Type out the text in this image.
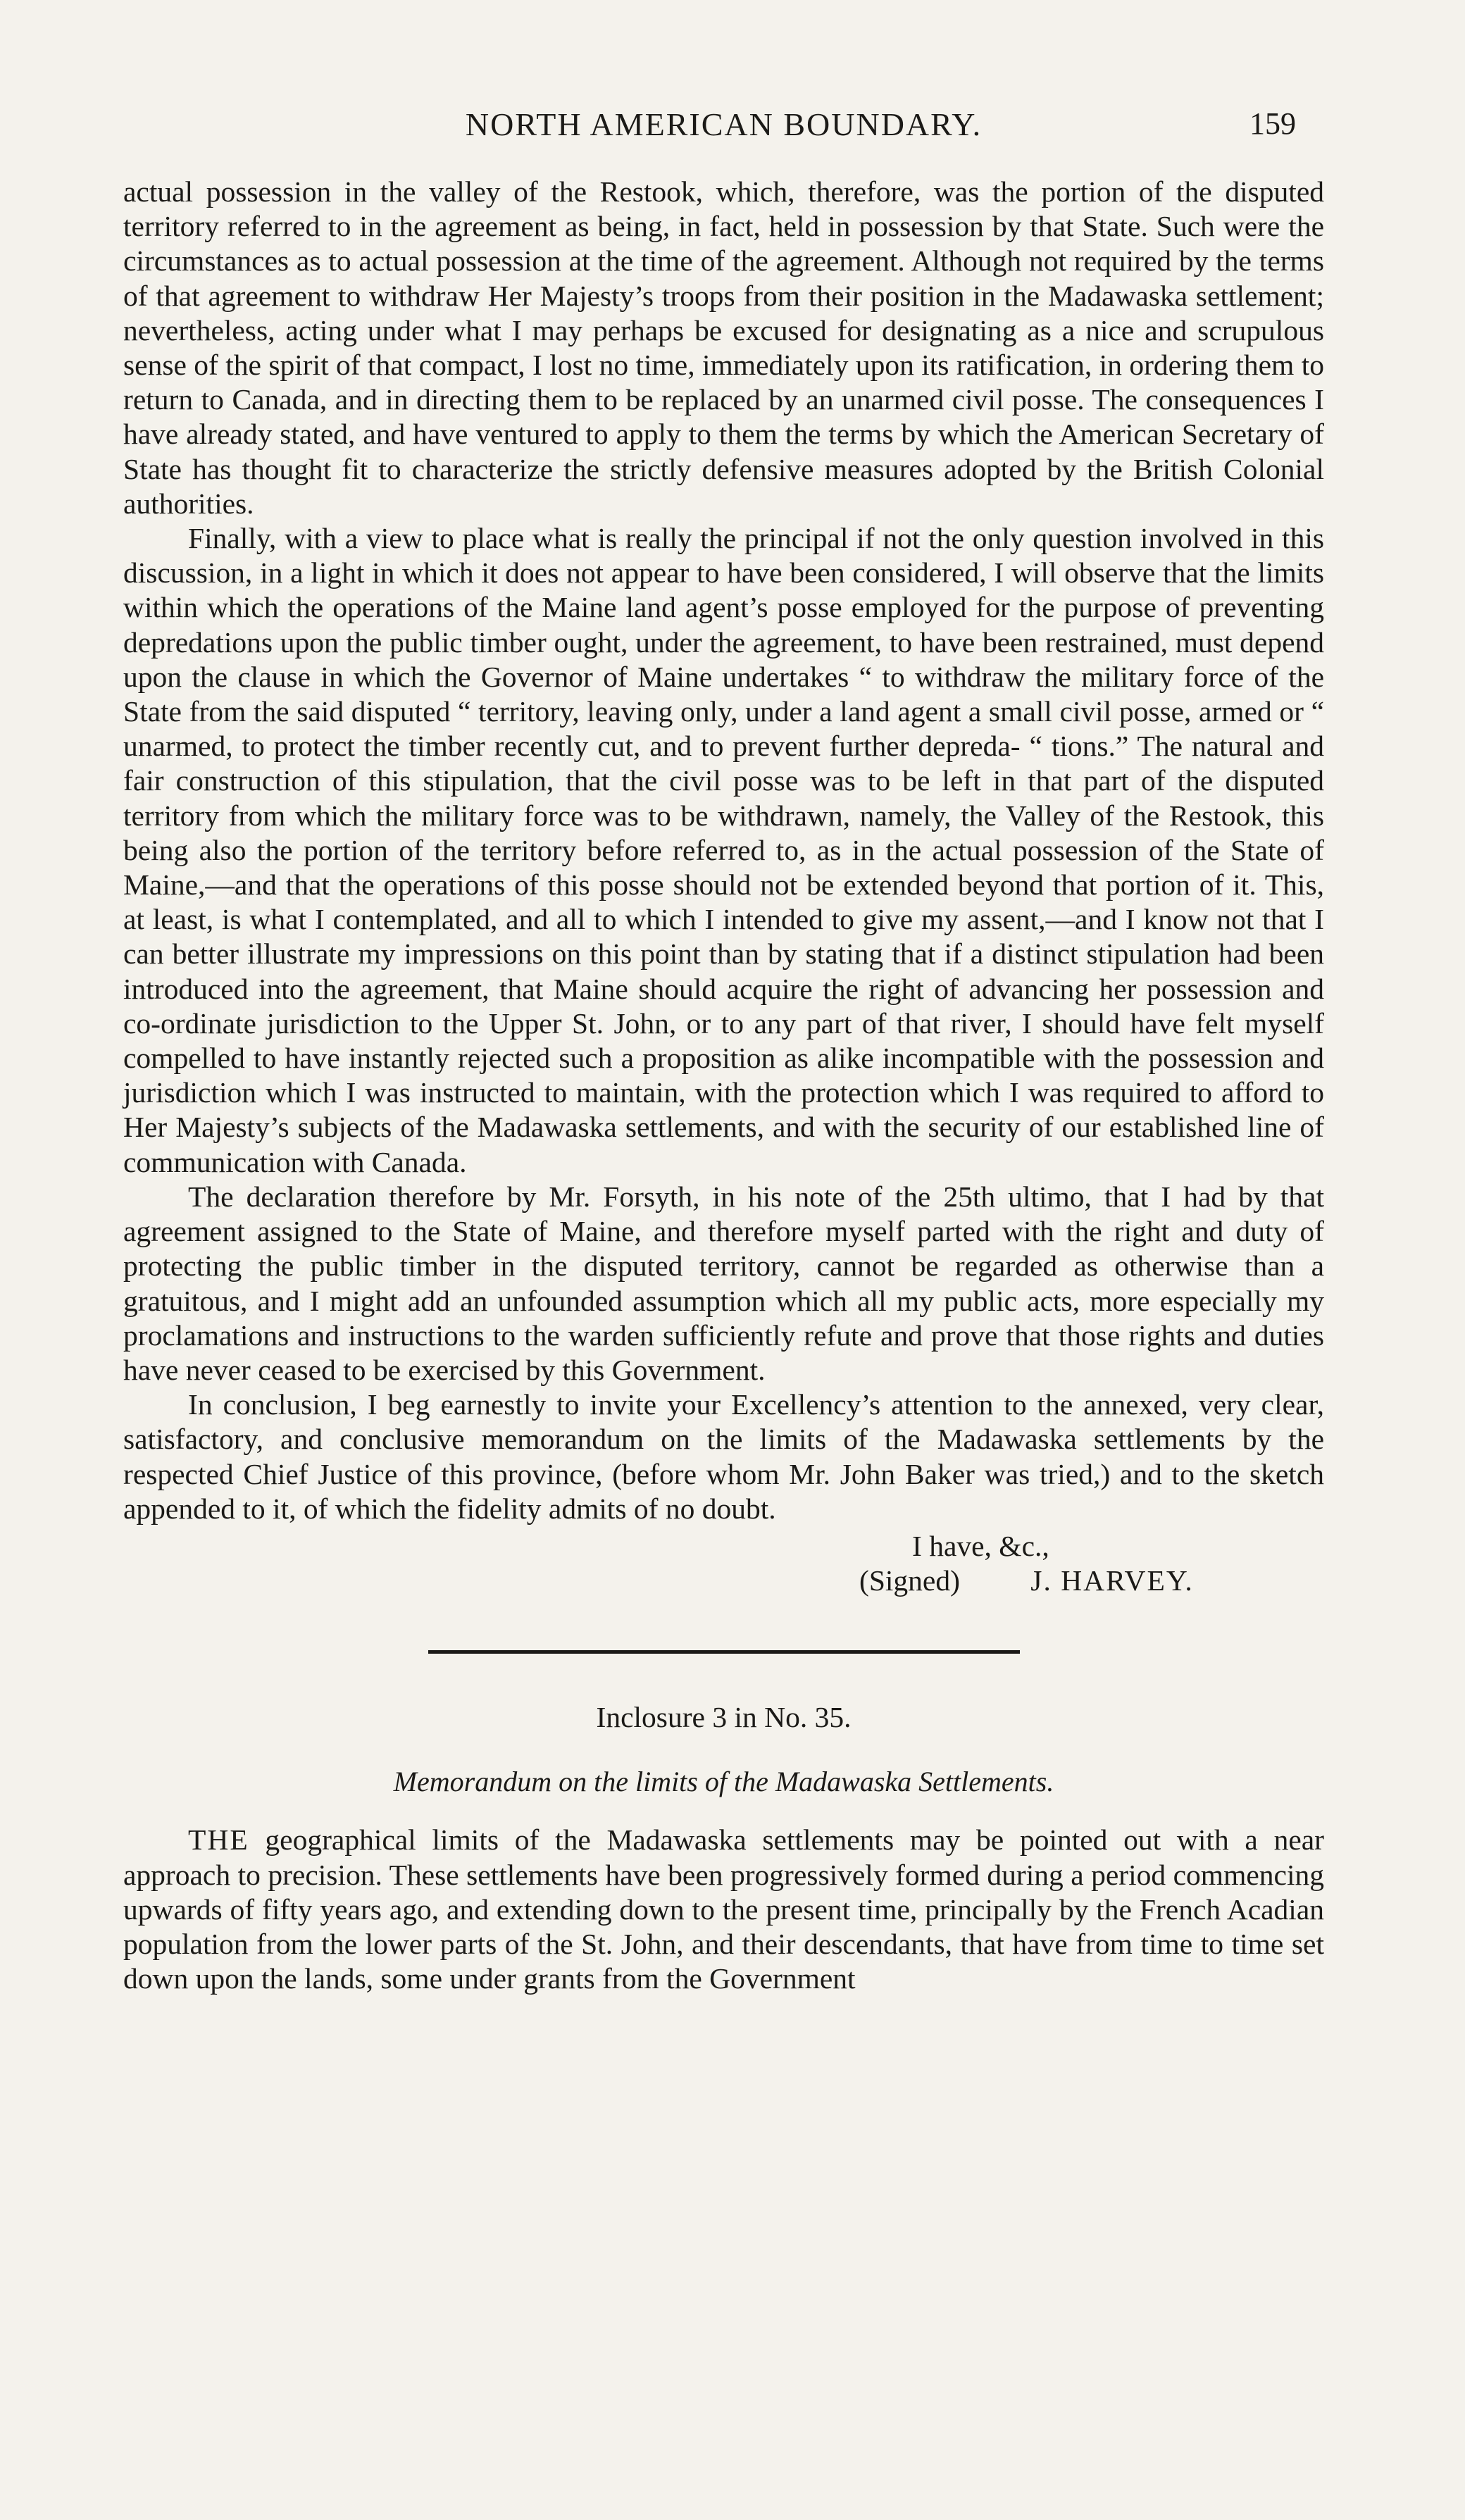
NORTH AMERICAN BOUNDARY.	159

actual possession in the valley of the Restook, which, therefore, was the portion of the disputed territory referred to in the agreement as being, in fact, held in possession by that State. Such were the circumstances as to actual possession at the time of the agreement. Although not required by the terms of that agreement to withdraw Her Majesty’s troops from their position in the Madawaska settlement; nevertheless, acting under what I may perhaps be excused for designating as a nice and scrupulous sense of the spirit of that compact, I lost no time, immediately upon its ratification, in ordering them to return to Canada, and in directing them to be replaced by an unarmed civil posse. The consequences I have already stated, and have ventured to apply to them the terms by which the American Secretary of State has thought fit to characterize the strictly defensive measures adopted by the British Colonial authorities.

Finally, with a view to place what is really the principal if not the only question involved in this discussion, in a light in which it does not appear to have been considered, I will observe that the limits within which the operations of the Maine land agent’s posse employed for the purpose of preventing depredations upon the public timber ought, under the agreement, to have been restrained, must depend upon the clause in which the Governor of Maine undertakes “ to withdraw the military force of the State from the said disputed “ territory, leaving only, under a land agent a small civil posse, armed or “ unarmed, to protect the timber recently cut, and to prevent further depreda- “ tions.” The natural and fair construction of this stipulation, that the civil posse was to be left in that part of the disputed territory from which the military force was to be withdrawn, namely, the Valley of the Restook, this being also the portion of the territory before referred to, as in the actual possession of the State of Maine,—and that the operations of this posse should not be extended beyond that portion of it. This, at least, is what I contemplated, and all to which I intended to give my assent,—and I know not that I can better illustrate my impressions on this point than by stating that if a distinct stipulation had been introduced into the agreement, that Maine should acquire the right of advancing her possession and co-ordinate jurisdiction to the Upper St. John, or to any part of that river, I should have felt myself compelled to have instantly rejected such a proposition as alike incompatible with the possession and jurisdiction which I was instructed to maintain, with the protection which I was required to afford to Her Majesty’s subjects of the Madawaska settlements, and with the security of our established line of communication with Canada.

The declaration therefore by Mr. Forsyth, in his note of the 25th ultimo, that I had by that agreement assigned to the State of Maine, and therefore myself parted with the right and duty of protecting the public timber in the disputed territory, cannot be regarded as otherwise than a gratuitous, and I might add an unfounded assumption which all my public acts, more especially my proclamations and instructions to the warden sufficiently refute and prove that those rights and duties have never ceased to be exercised by this Government.

In conclusion, I beg earnestly to invite your Excellency’s attention to the annexed, very clear, satisfactory, and conclusive memorandum on the limits of the Madawaska settlements by the respected Chief Justice of this province, (before whom Mr. John Baker was tried,) and to the sketch appended to it, of which the fidelity admits of no doubt.

I have, &c.,
(Signed) J. HARVEY.
Inclosure 3 in No. 35.
Memorandum on the limits of the Madawaska Settlements.

THE geographical limits of the Madawaska settlements may be pointed out with a near approach to precision. These settlements have been progressively formed during a period commencing upwards of fifty years ago, and extending down to the present time, principally by the French Acadian population from the lower parts of the St. John, and their descendants, that have from time to time set down upon the lands, some under grants from the Government
